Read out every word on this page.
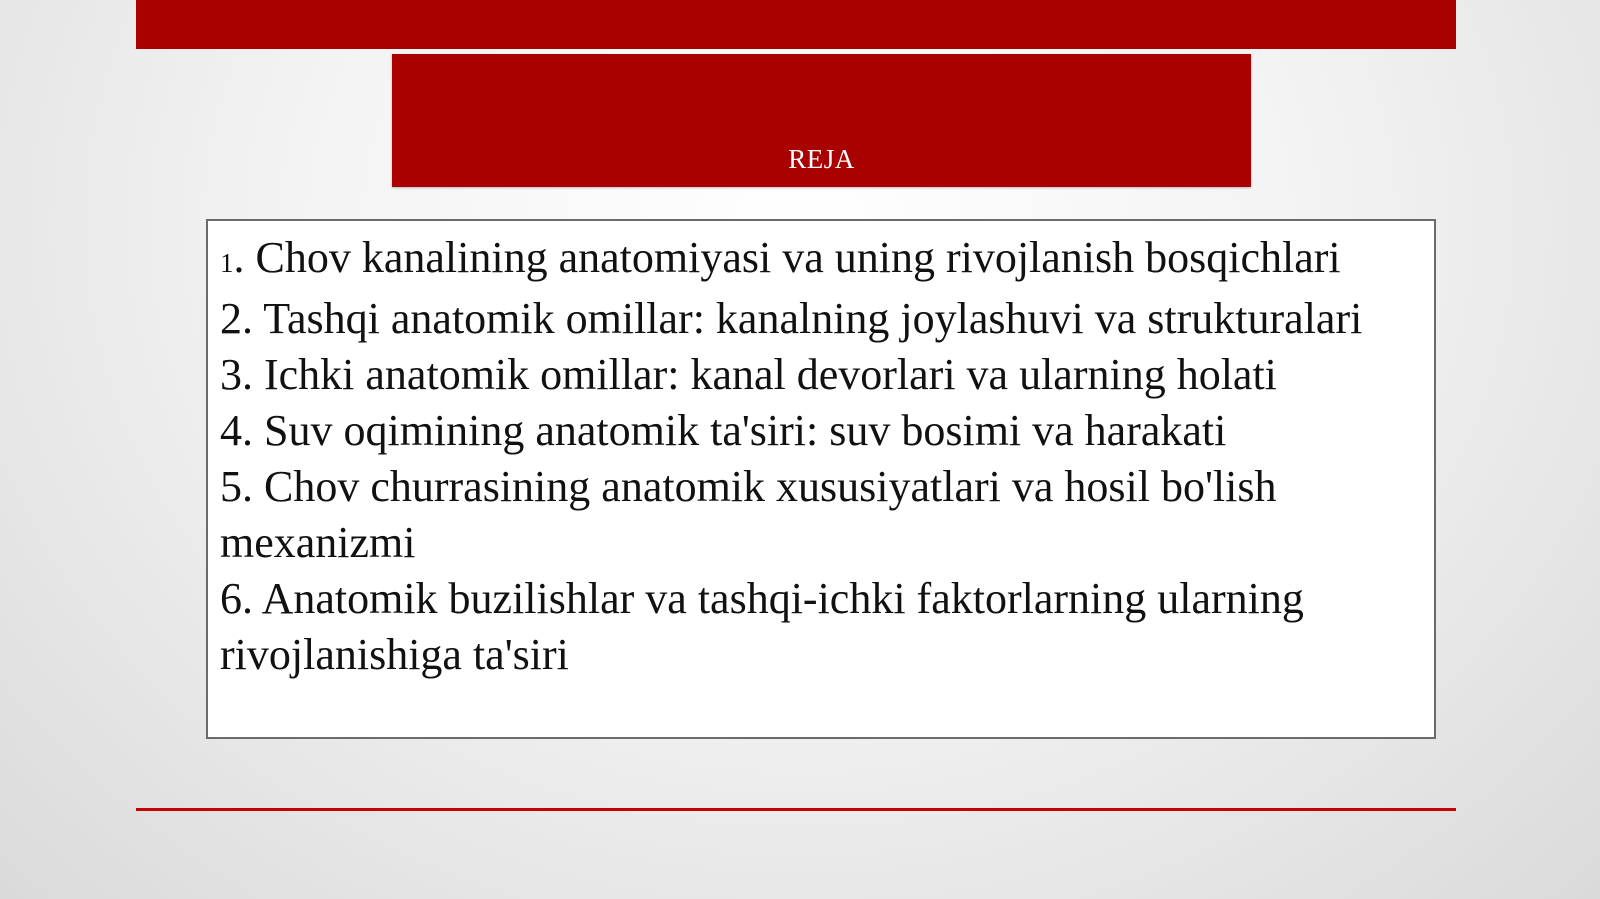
REJA
1. Chov kanalining anatomiyasi va uning rivojlanish bosqichlari
2. Tashqi anatomik omillar: kanalning joylashuvi va strukturalari
3. Ichki anatomik omillar: kanal devorlari va ularning holati
4. Suv oqimining anatomik ta'siri: suv bosimi va harakati
5. Chov churrasining anatomik xususiyatlari va hosil bo'lish mexanizmi
6. Anatomik buzilishlar va tashqi-ichki faktorlarning ularning rivojlanishiga ta'siri
